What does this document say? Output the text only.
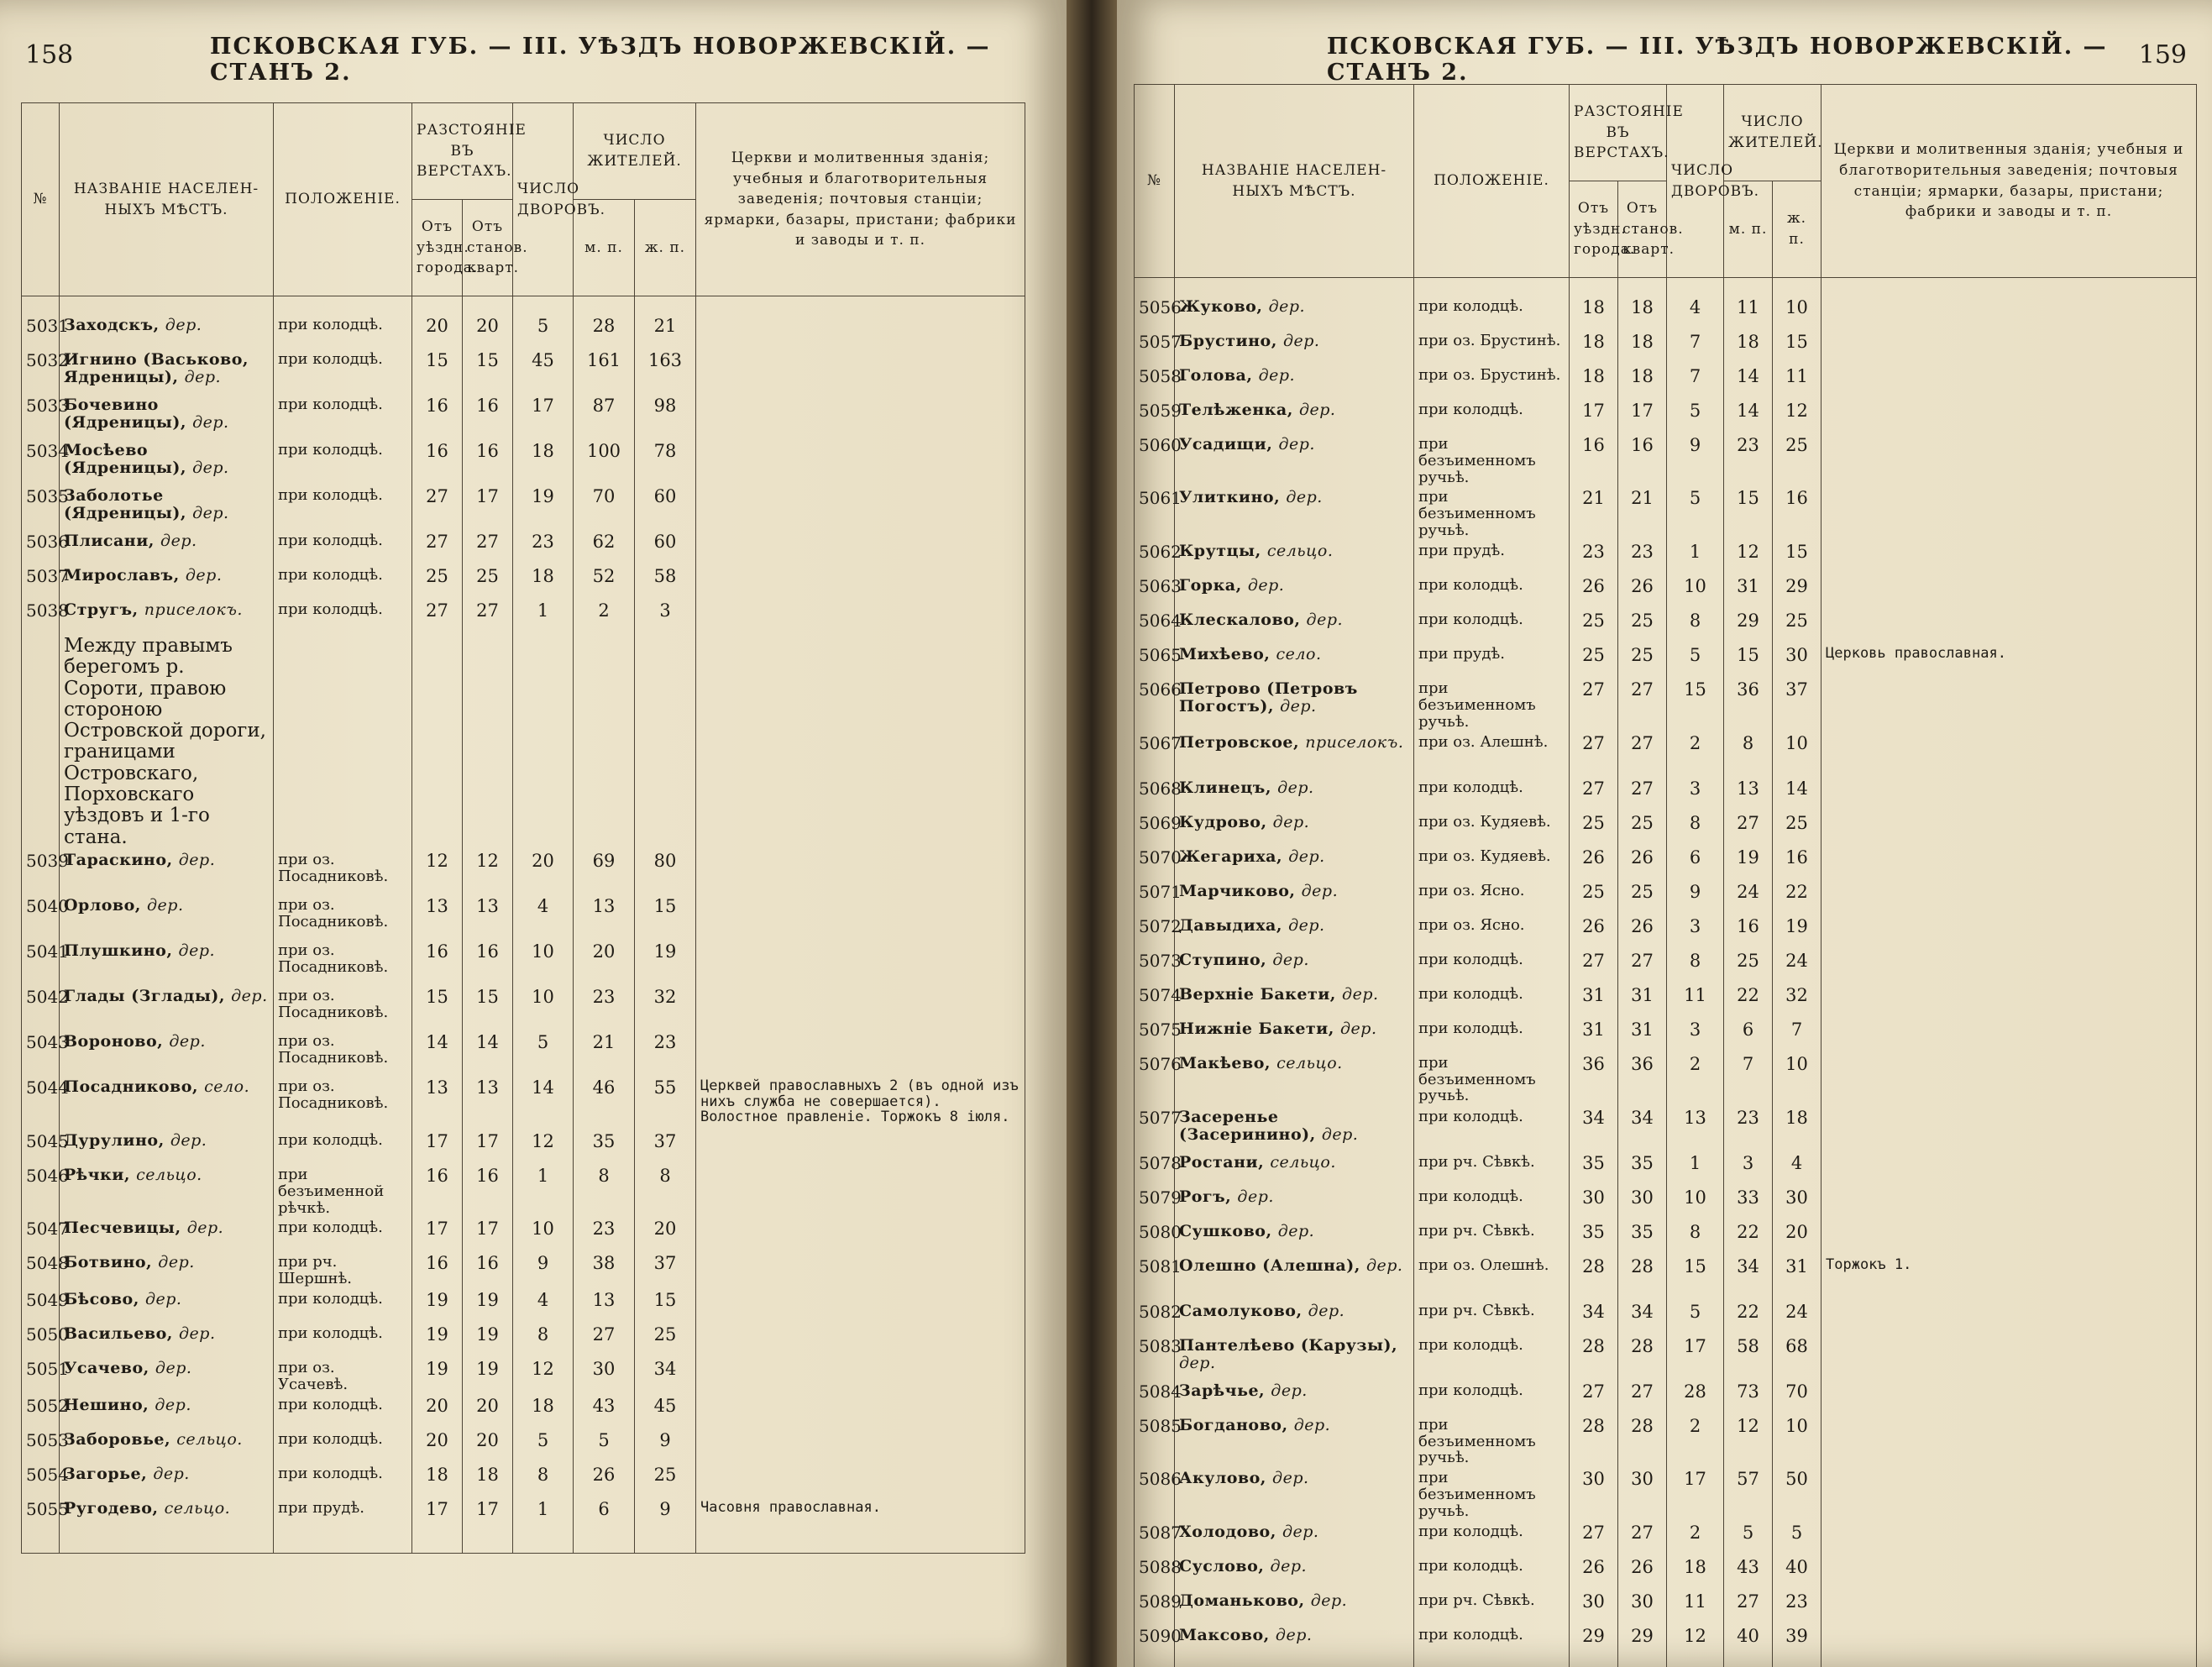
158	ПСКОВСКАЯ ГУБ. — III. УѢЗДЪ НОВОРЖЕВСКІЙ. — СТАНЪ 2.
№	НАЗВАНІЕ НАСЕЛЕН-НЫХЪ МѢСТЪ.	ПОЛОЖЕНІЕ.	РАЗСТОЯНІЕ ВЪ ВЕРСТАХЪ.		ЧИСЛО ДВОРОВЪ.	ЧИСЛО ЖИТЕЛЕЙ.		Церкви и молитвенныя зданія; учебныя и благотворительныя заведенія; почтовыя станціи; ярмарки, базары, пристани; фабрики и заводы и т. п.
			Отъ уѣздн. города.	Отъ станов. кварт.		м. п.	ж. п.	

5031	Заходскъ, дер.	при колодцѣ.	20	20	5	28	21	
5032	Игнино (Васьково, Ядреницы), дер.	при колодцѣ.	15	15	45	161	163	
5033	Бочевино (Ядреницы), дер.	при колодцѣ.	16	16	17	87	98	
5034	Мосѣево (Ядреницы), дер.	при колодцѣ.	16	16	18	100	78	
5035	Заболотье (Ядреницы), дер.	при колодцѣ.	27	17	19	70	60	
5036	Плисани, дер.	при колодцѣ.	27	27	23	62	60	
5037	Мирославъ, дер.	при колодцѣ.	25	25	18	52	58	
5038	Стругъ, приселокъ.	при колодцѣ.	27	27	1	2	3	
	Между правымъ берегомъ р. Сороти, правою стороною Островской дороги, границами Островскаго, Порховскаго уѣздовъ и 1-го стана.							
5039	Тараскино, дер.	при оз. Посадниковѣ.	12	12	20	69	80	
5040	Орлово, дер.	при оз. Посадниковѣ.	13	13	4	13	15	
5041	Плушкино, дер.	при оз. Посадниковѣ.	16	16	10	20	19	
5042	Глады (Зглады), дер.	при оз. Посадниковѣ.	15	15	10	23	32	
5043	Вороново, дер.	при оз. Посадниковѣ.	14	14	5	21	23	
5044	Посадниково, село.	при оз. Посадниковѣ.	13	13	14	46	55	Церквей православныхъ 2 (въ одной изъ нихъ служба не совершается). Волостное правленіе. Торжокъ 8 іюля.
5045	Дурулино, дер.	при колодцѣ.	17	17	12	35	37	
5046	Рѣчки, сельцо.	при безъименной рѣчкѣ.	16	16	1	8	8	
5047	Песчевицы, дер.	при колодцѣ.	17	17	10	23	20	
5048	Ботвино, дер.	при рч. Шершнѣ.	16	16	9	38	37	
5049	Бѣсово, дер.	при колодцѣ.	19	19	4	13	15	
5050	Васильево, дер.	при колодцѣ.	19	19	8	27	25	
5051	Усачево, дер.	при оз. Усачевѣ.	19	19	12	30	34	
5052	Нешино, дер.	при колодцѣ.	20	20	18	43	45	
5053	Заборовье, сельцо.	при колодцѣ.	20	20	5	5	9	
5054	Загорье, дер.	при колодцѣ.	18	18	8	26	25	
5055	Ругодево, сельцо.	при прудѣ.	17	17	1	6	9	Часовня православная.

ПСКОВСКАЯ ГУБ. — III. УѢЗДЪ НОВОРЖЕВСКІЙ. — СТАНЪ 2.
159
№	НАЗВАНІЕ НАСЕЛЕН-НЫХЪ МѢСТЪ.	ПОЛОЖЕНІЕ.	РАЗСТОЯНІЕ ВЪ ВЕРСТАХЪ.		ЧИСЛО ДВОРОВЪ.	ЧИСЛО ЖИТЕЛЕЙ.		Церкви и молитвенныя зданія; учебныя и благотворительныя заведенія; почтовыя станціи; ярмарки, базары, пристани; фабрики и заводы и т. п.
			Отъ уѣздн. города.	Отъ станов. кварт.		м. п.	ж. п.	

5056	Жуково, дер.	при колодцѣ.	18	18	4	11	10	
5057	Брустино, дер.	при оз. Брустинѣ.	18	18	7	18	15	
5058	Голова, дер.	при оз. Брустинѣ.	18	18	7	14	11	
5059	Телѣженка, дер.	при колодцѣ.	17	17	5	14	12	
5060	Усадищи, дер.	при безъименномъ ручьѣ.	16	16	9	23	25	
5061	Улиткино, дер.	при безъименномъ ручьѣ.	21	21	5	15	16	
5062	Крутцы, сельцо.	при прудѣ.	23	23	1	12	15	
5063	Горка, дер.	при колодцѣ.	26	26	10	31	29	
5064	Клескалово, дер.	при колодцѣ.	25	25	8	29	25	
5065	Михѣево, село.	при прудѣ.	25	25	5	15	30	Церковь православная.
5066	Петрово (Петровъ Погостъ), дер.	при безъименномъ ручьѣ.	27	27	15	36	37	
5067	Петровское, приселокъ.	при оз. Алешнѣ.	27	27	2	8	10	
5068	Клинецъ, дер.	при колодцѣ.	27	27	3	13	14	
5069	Кудрово, дер.	при оз. Кудяевѣ.	25	25	8	27	25	
5070	Жегариха, дер.	при оз. Кудяевѣ.	26	26	6	19	16	
5071	Марчиково, дер.	при оз. Ясно.	25	25	9	24	22	
5072	Давыдиха, дер.	при оз. Ясно.	26	26	3	16	19	
5073	Ступино, дер.	при колодцѣ.	27	27	8	25	24	
5074	Верхніе Бакети, дер.	при колодцѣ.	31	31	11	22	32	
5075	Нижніе Бакети, дер.	при колодцѣ.	31	31	3	6	7	
5076	Макѣево, сельцо.	при безъименномъ ручьѣ.	36	36	2	7	10	
5077	Засеренье (Засеринино), дер.	при колодцѣ.	34	34	13	23	18	
5078	Ростани, сельцо.	при рч. Сѣвкѣ.	35	35	1	3	4	
5079	Рогъ, дер.	при колодцѣ.	30	30	10	33	30	
5080	Сушково, дер.	при рч. Сѣвкѣ.	35	35	8	22	20	
5081	Олешно (Алешна), дер.	при оз. Олешнѣ.	28	28	15	34	31	Торжокъ 1.
5082	Самолуково, дер.	при рч. Сѣвкѣ.	34	34	5	22	24	
5083	Пантелѣево (Карузы), дер.	при колодцѣ.	28	28	17	58	68	
5084	Зарѣчье, дер.	при колодцѣ.	27	27	28	73	70	
5085	Богданово, дер.	при безъименномъ ручьѣ.	28	28	2	12	10	
5086	Акулово, дер.	при безъименномъ ручьѣ.	30	30	17	57	50	
5087	Холодово, дер.	при колодцѣ.	27	27	2	5	5	
5088	Суслово, дер.	при колодцѣ.	26	26	18	43	40	
5089	Доманьково, дер.	при рч. Сѣвкѣ.	30	30	11	27	23	
5090	Максово, дер.	при колодцѣ.	29	29	12	40	39	
